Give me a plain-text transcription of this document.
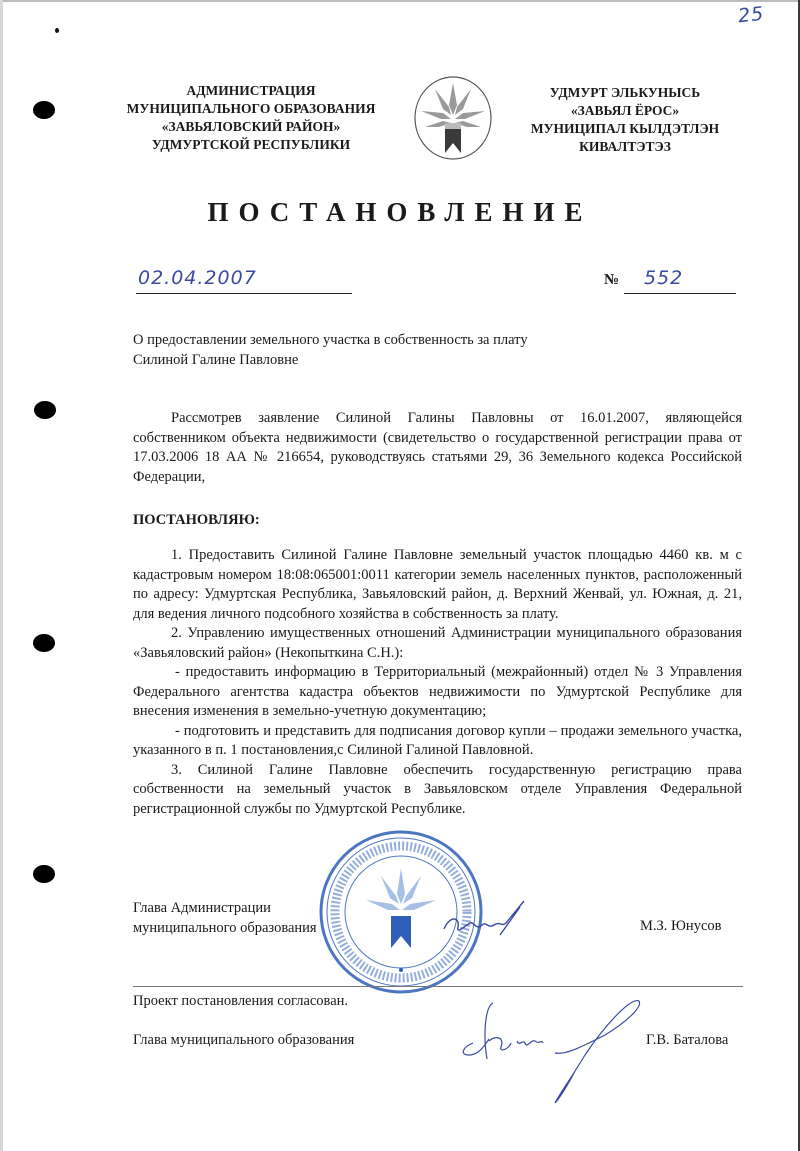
25
АДМИНИСТРАЦИЯ
МУНИЦИПАЛЬНОГО ОБРАЗОВАНИЯ
«ЗАВЬЯЛОВСКИЙ РАЙОН»
УДМУРТСКОЙ РЕСПУБЛИКИ
УДМУРТ ЭЛЬКУНЫСЬ
«ЗАВЬЯЛ ЁРОС»
МУНИЦИПАЛ КЫЛДЭТЛЭН
КИВАЛТЭТЭЗ
ПОСТАНОВЛЕНИЕ
02.04.2007	№ 552
О предоставлении земельного участка в собственность за плату
Силиной Галине Павловне

Рассмотрев заявление Силиной Галины Павловны от 16.01.2007, являющейся собственником объекта недвижимости (свидетельство о государственной регистрации права от 17.03.2006 18 АА № 216654, руководствуясь статьями 29, 36 Земельного кодекса Российской Федерации,

ПОСТАНОВЛЯЮ:

1. Предоставить Силиной Галине Павловне земельный участок площадью 4460 кв. м с кадастровым номером 18:08:065001:0011 категории земель населенных пунктов, расположенный по адресу: Удмуртская Республика, Завьяловский район, д. Верхний Женвай, ул. Южная, д. 21, для ведения личного подсобного хозяйства в собственность за плату.

2. Управлению имущественных отношений Администрации муниципального образования «Завьяловский район» (Некопыткина С.Н.):

- предоставить информацию в Территориальный (межрайонный) отдел № 3 Управления Федерального агентства кадастра объектов недвижимости по Удмуртской Республике для внесения изменения в земельно-учетную документацию;

- подготовить и представить для подписания договор купли – продажи земельного участка, указанного в п. 1 постановления,с Силиной Галиной Павловной.

3. Силиной Галине Павловне обеспечить государственную регистрацию права собственности на земельный участок в Завьяловском отделе Управления Федеральной регистрационной службы по Удмуртской Республике.

Глава Администрации
муниципального образования	М.З. Юнусов
Проект постановления согласован.
Глава муниципального образования	Г.В. Баталова
